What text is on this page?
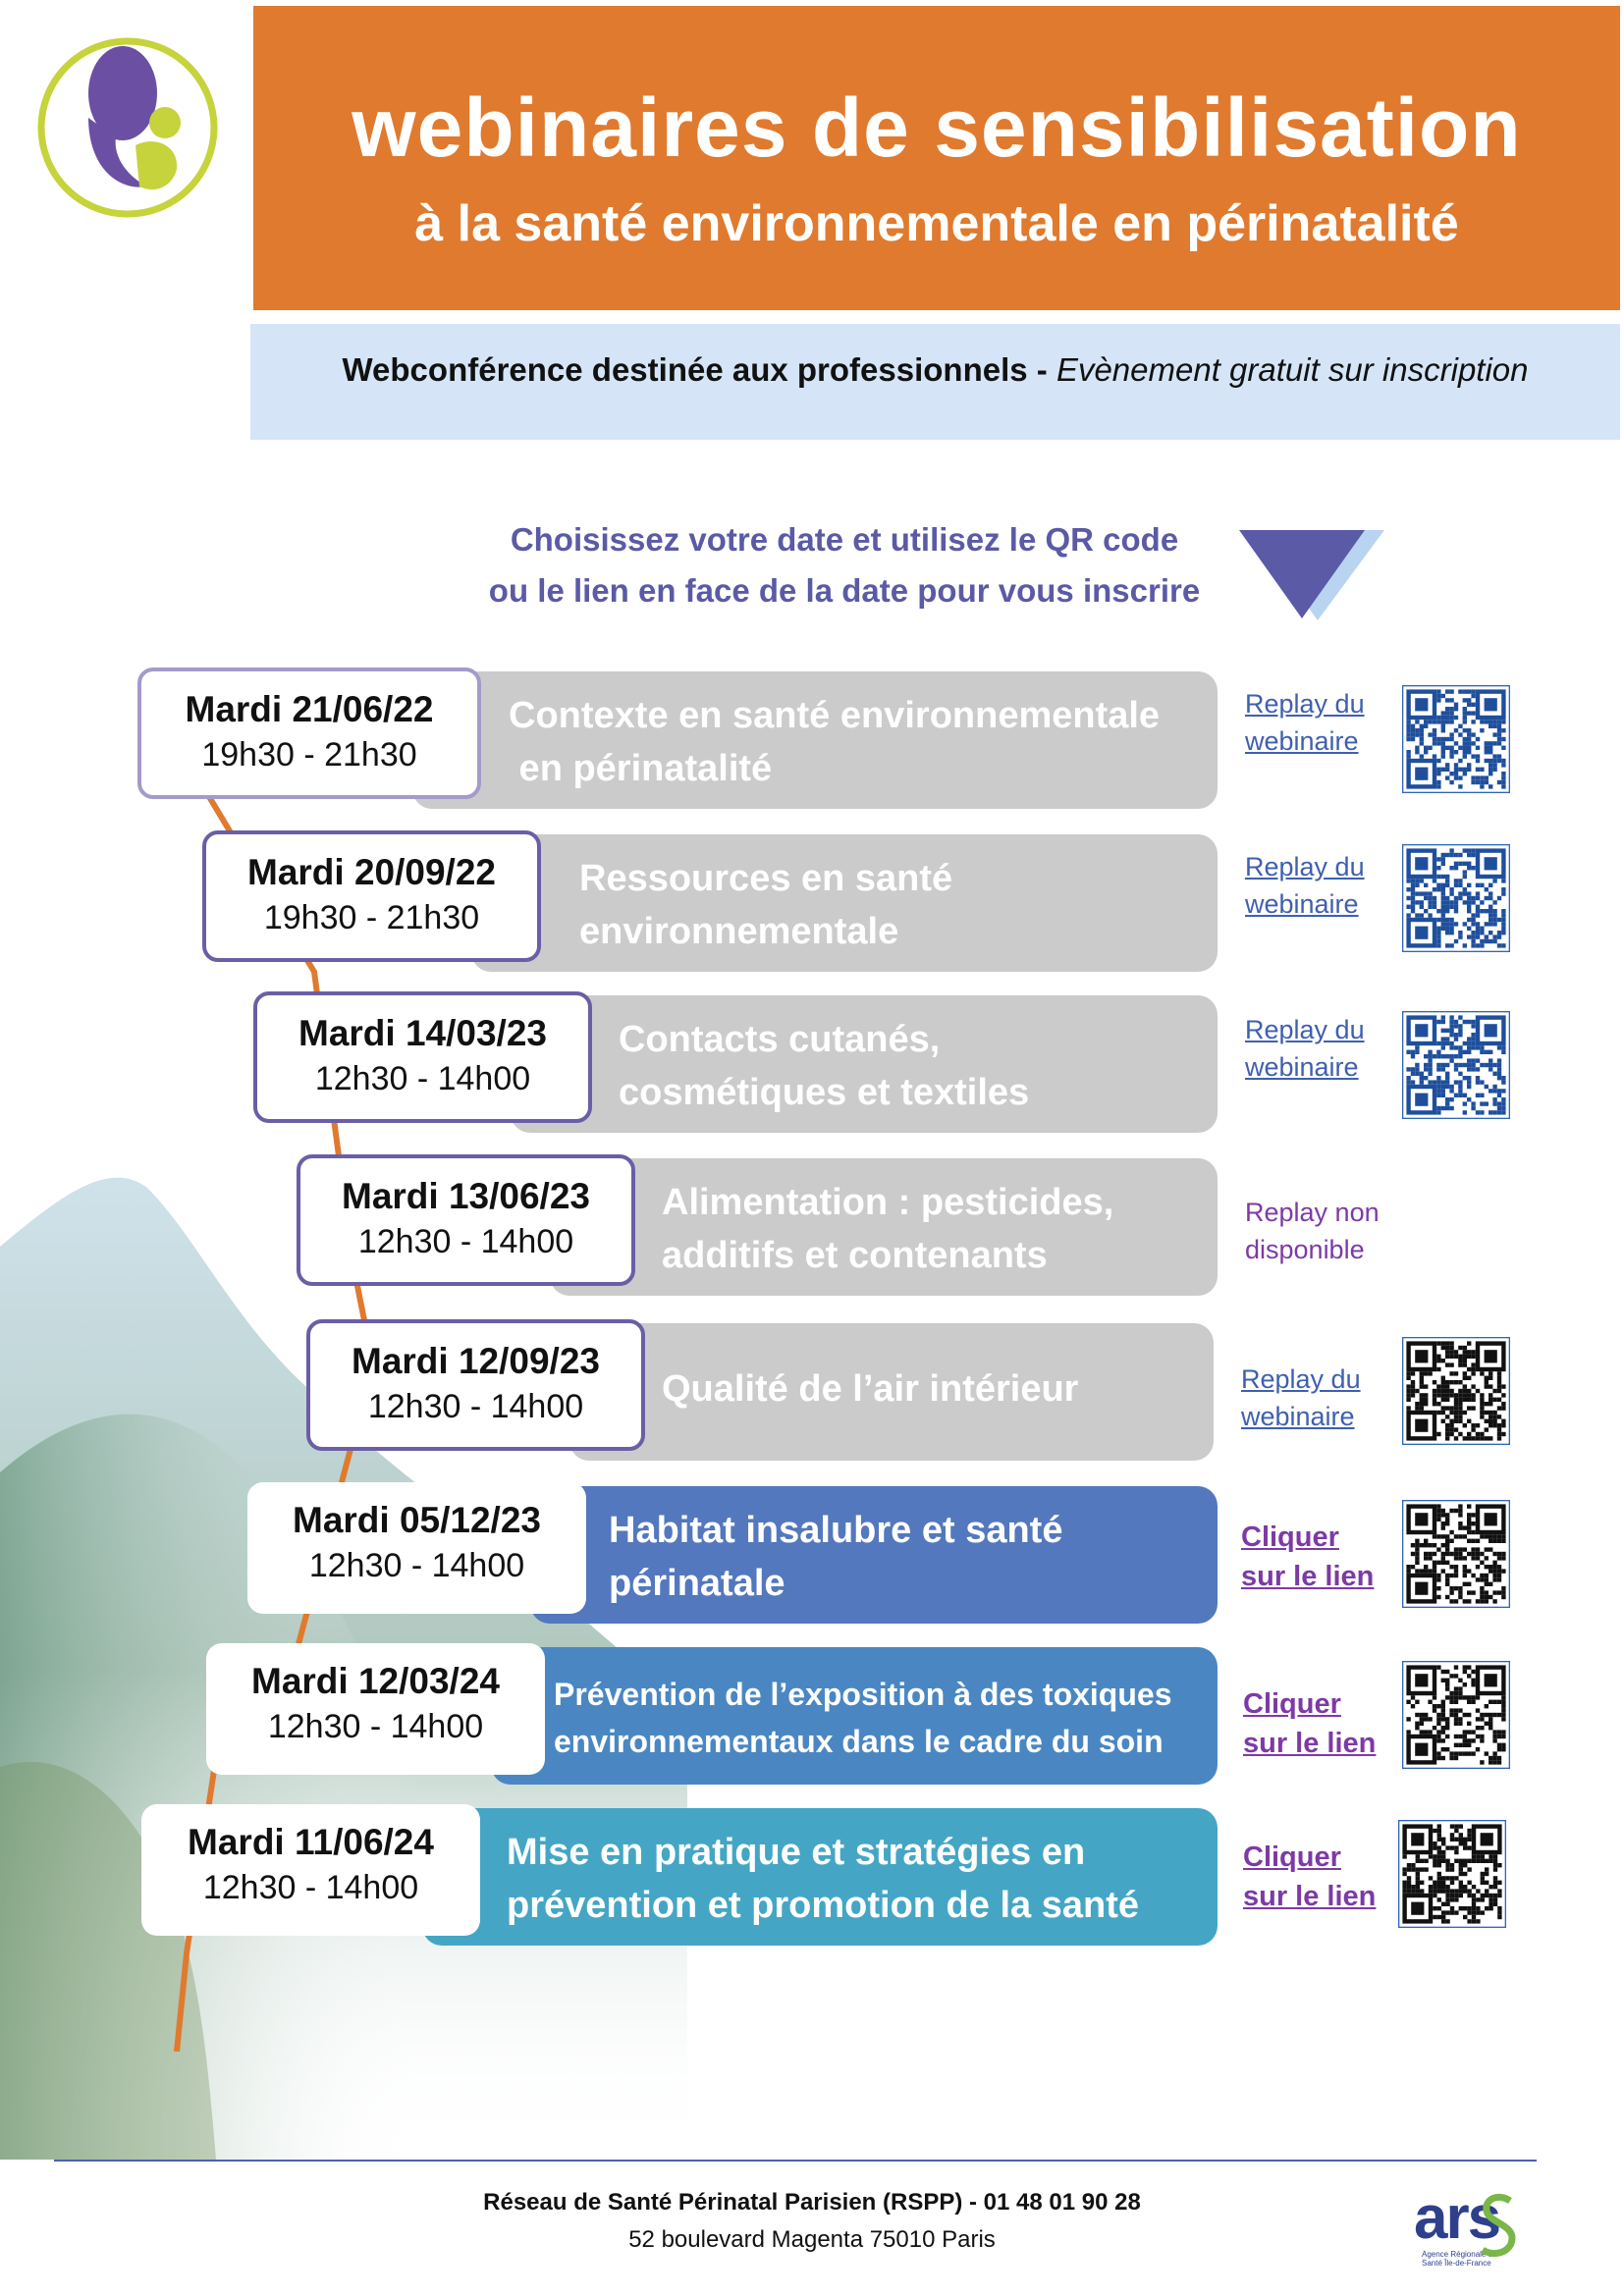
webinaires de sensibilisation
à la santé environnementale en périnatalité
Webconférence destinée aux professionnels - Evènement gratuit sur inscription
Choisissez votre date et utilisez le QR code
ou le lien en face de la date pour vous inscrire
Contexte en santé environnementale
en périnatalité
Mardi 21/06/22
19h30 - 21h30
Replay du
webinaire
Ressources en santé
environnementale
Mardi 20/09/22
19h30 - 21h30
Replay du
webinaire
Contacts cutanés,
cosmétiques et textiles
Mardi 14/03/23
12h30 - 14h00
Replay du
webinaire
Alimentation : pesticides,
additifs et contenants
Mardi 13/06/23
12h30 - 14h00
Replay non
disponible
Qualité de l’air intérieur
Mardi 12/09/23
12h30 - 14h00
Replay du
webinaire
Habitat insalubre et santé
périnatale
Mardi 05/12/23
12h30 - 14h00
Cliquer
sur le lien
Prévention de l’exposition à des toxiques
environnementaux dans le cadre du soin
Mardi 12/03/24
12h30 - 14h00
Cliquer
sur le lien
Mise en pratique et stratégies en
prévention et promotion de la santé
Mardi 11/06/24
12h30 - 14h00
Cliquer
sur le lien
Réseau de Santé Périnatal Parisien (RSPP) - 01 48 01 90 28
52 boulevard Magenta 75010 Paris	ars
Agence Régionale de Santé Île-de-France
